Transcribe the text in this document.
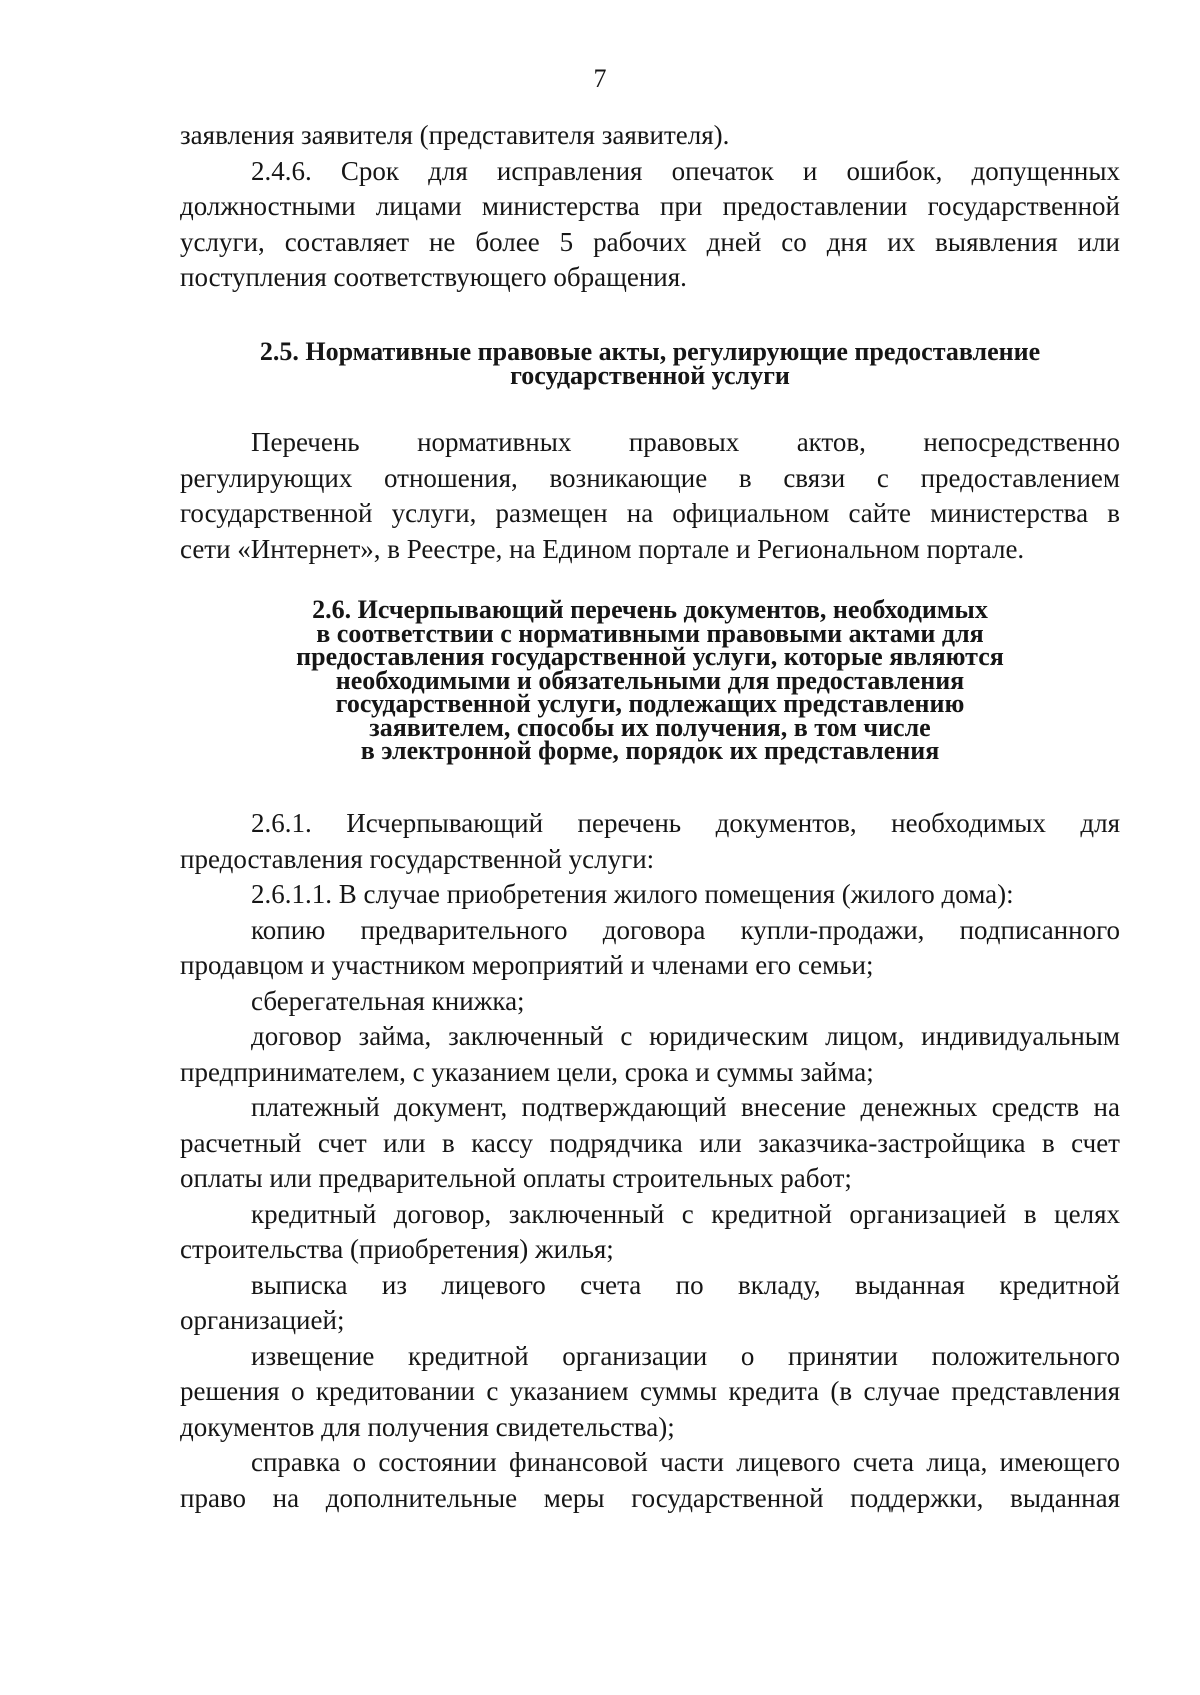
7

заявления заявителя (представителя заявителя).

2.4.6. Срок для исправления опечаток и ошибок, допущенных

должностными лицами министерства при предоставлении государственной

услуги, составляет не более 5 рабочих дней со дня их выявления или

поступления соответствующего обращения.

2.5. Нормативные правовые акты, регулирующие предоставление
государственной услуги

Перечень нормативных правовых актов, непосредственно

регулирующих отношения, возникающие в связи с предоставлением

государственной услуги, размещен на официальном сайте министерства в

сети «Интернет», в Реестре, на Едином портале и Региональном портале.

2.6. Исчерпывающий перечень документов, необходимых
в соответствии с нормативными правовыми актами для
предоставления государственной услуги, которые являются
необходимыми и обязательными для предоставления
государственной услуги, подлежащих представлению
заявителем, способы их получения, в том числе
в электронной форме, порядок их представления

2.6.1. Исчерпывающий перечень документов, необходимых для

предоставления государственной услуги:

2.6.1.1. В случае приобретения жилого помещения (жилого дома):

копию предварительного договора купли-продажи, подписанного

продавцом и участником мероприятий и членами его семьи;

сберегательная книжка;

договор займа, заключенный с юридическим лицом, индивидуальным

предпринимателем, с указанием цели, срока и суммы займа;

платежный документ, подтверждающий внесение денежных средств на

расчетный счет или в кассу подрядчика или заказчика-застройщика в счет

оплаты или предварительной оплаты строительных работ;

кредитный договор, заключенный с кредитной организацией в целях

строительства (приобретения) жилья;

выписка из лицевого счета по вкладу, выданная кредитной

организацией;

извещение кредитной организации о принятии положительного

решения о кредитовании с указанием суммы кредита (в случае представления

документов для получения свидетельства);

справка о состоянии финансовой части лицевого счета лица, имеющего

право на дополнительные меры государственной поддержки, выданная
